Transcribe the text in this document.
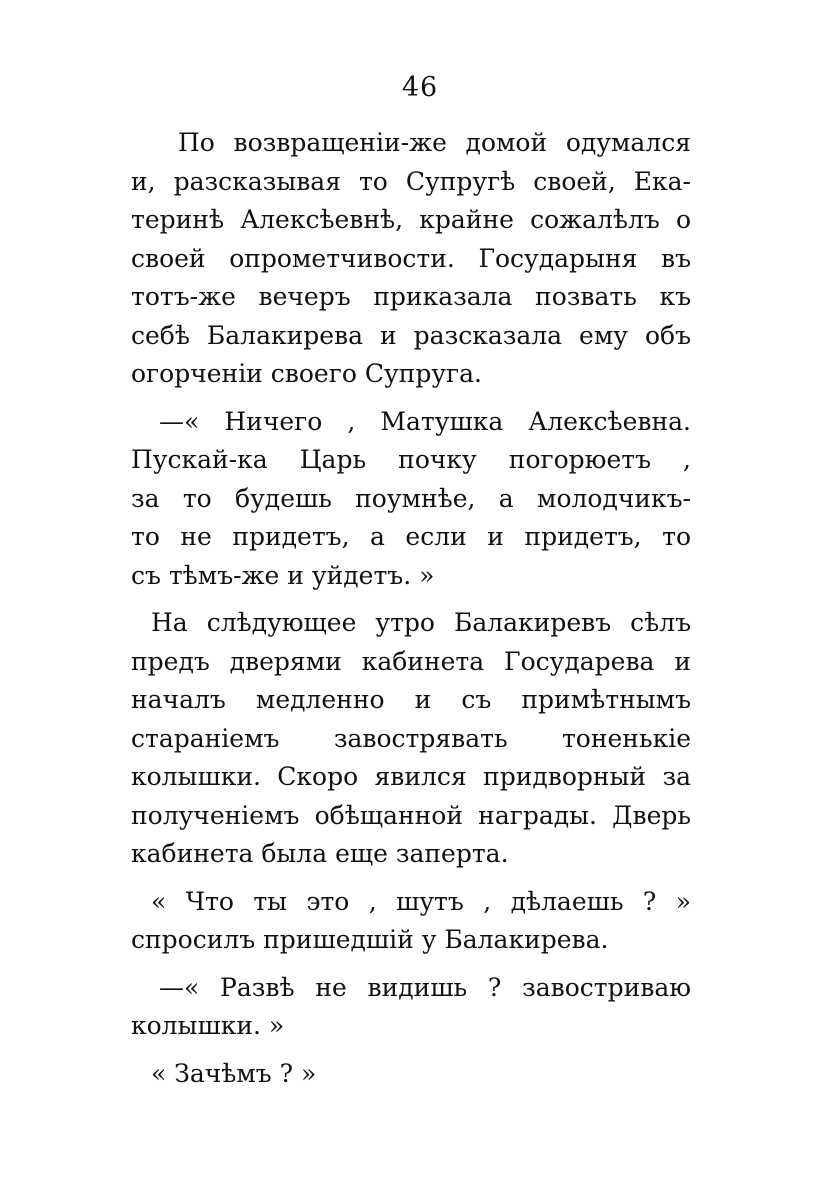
46
По возвращенiи-же домой одумался
и, разсказывая то Супругѣ своей, Ека-
теринѣ Алексѣевнѣ, крайне сожалѣлъ о
своей опрометчивости. Государыня въ
тотъ-же вечеръ приказала позвать къ
себѣ Балакирева и разсказала ему объ
огорченiи своего Супруга.
—« Ничего , Матушка Алексѣевна.
Пускай-ка Царь почку погорюетъ ,
за то будешь поумнѣе, а молодчикъ-
то не придетъ, а если и придетъ, то
съ тѣмъ-же и уйдетъ. »
На слѣдующее утро Балакиревъ сѣлъ
предъ дверями кабинета Государева и
началъ медленно и съ примѣтнымъ
стараніемъ завострявать тоненькіе
колышки. Скоро явился придворный за
полученіемъ обѣщанной награды. Дверь
кабинета была еще заперта.
« Что ты это , шутъ , дѣлаешь ? »
спросилъ пришедшій у Балакирева.
—« Развѣ не видишь ? завостриваю
колышки. »
« Зачѣмъ ? »
